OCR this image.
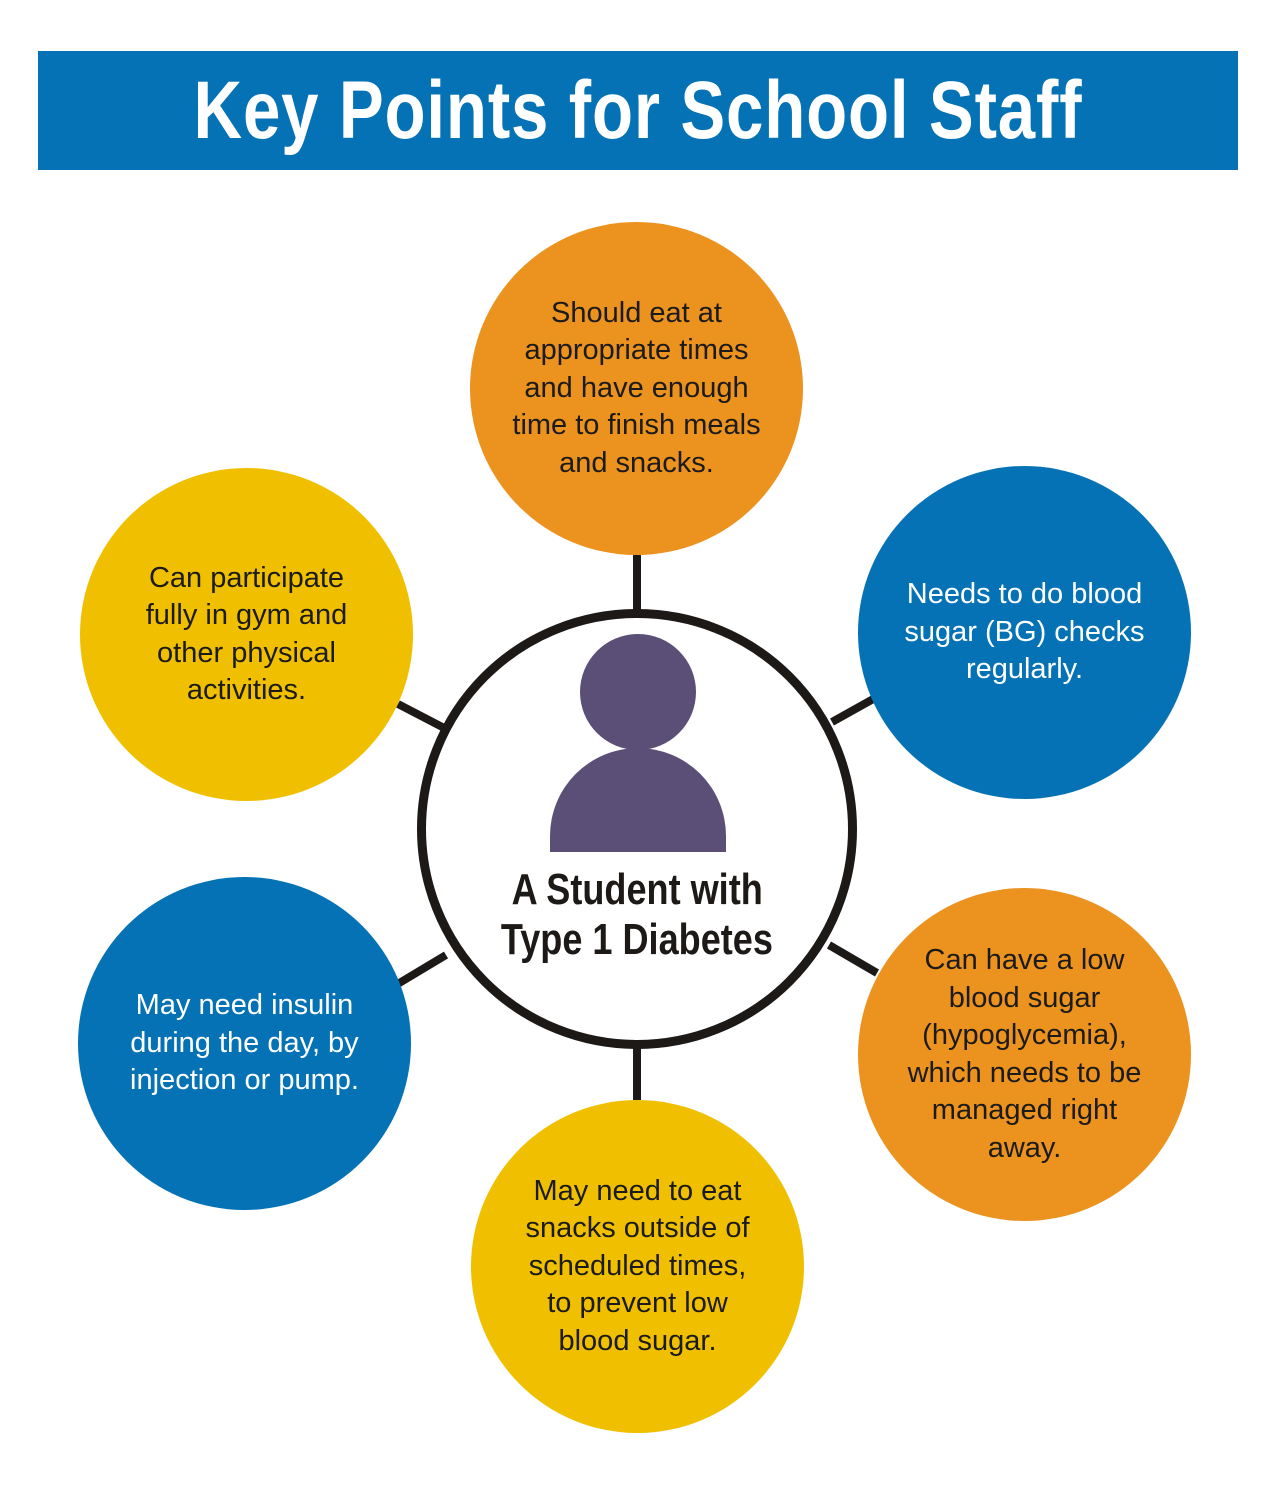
Key Points for School Staff

Should eat at appropriate times and have enough time to finish meals and snacks.

Needs to do blood sugar (BG) checks regularly.

Can have a low blood sugar (hypoglycemia), which needs to be managed right away.

May need to eat snacks outside of scheduled times, to prevent low blood sugar.

May need insulin during the day, by injection or pump.

Can participate fully in gym and other physical activities.

A Student with
Type 1 Diabetes
